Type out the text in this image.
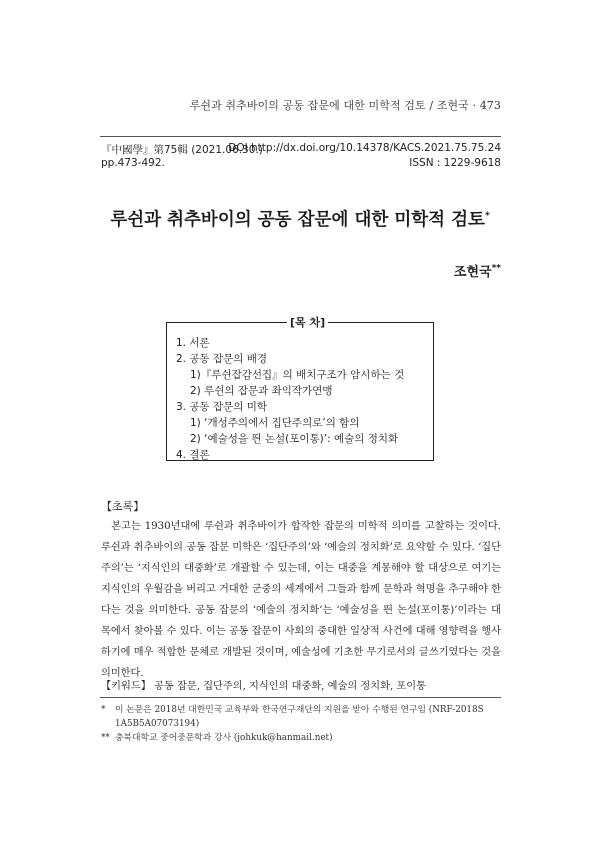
루쉰과 취추바이의 공동 잡문에 대한 미학적 검토 / 조현국 · 473
『中國學』第75輯 (2021.06.30.)
DOI http://dx.doi.org/10.14378/KACS.2021.75.75.24
pp.473-492.	ISSN : 1229-9618
루쉰과 취추바이의 공동 잡문에 대한 미학적 검토*
조현국**
[목 차]
1. 서론
2. 공동 잡문의 배경
1)『루쉰잡감선집』의 배치구조가 암시하는 것
2) 루쉰의 잡문과 좌익작가연맹
3. 공동 잡문의 미학
1) ‘개성주의에서 집단주의로’의 함의
2) ‘예술성을 띈 논설(포이통)’: 예술의 정치화
4. 결론
【초록】

본고는 1930년대에 루쉰과 취추바이가 합작한 잡문의 미학적 의미를 고찰하는 것이다. 루쉰과 취추바이의 공동 잡문 미학은 ‘집단주의’와 ‘예술의 정치화’로 요약할 수 있다. ‘집단주의’는 ‘지식인의 대중화’로 개괄할 수 있는데, 이는 대중을 계몽해야 할 대상으로 여기는 지식인의 우월감을 버리고 거대한 군중의 세계에서 그들과 함께 문학과 혁명을 추구해야 한다는 것을 의미한다. 공동 잡문의 ‘예술의 정치화’는 ‘예술성을 띈 논설(포이통)’이라는 대목에서 찾아볼 수 있다. 이는 공동 잡문이 사회의 중대한 일상적 사건에 대해 영향력을 행사하기에 매우 적합한 문체로 개발된 것이며, 예술성에 기초한 무기로서의 글쓰기였다는 것을 의미한다.

【키워드】 공동 잡문, 집단주의, 지식인의 대중화, 예술의 정치화, 포이통
* 이 논문은 2018년 대한민국 교육부와 한국연구재단의 지원을 받아 수행된 연구임 (NRF-2018S
1A5B5A07073194)
** 충북대학교 중어중문학과 강사 (johkuk@hanmail.net)
